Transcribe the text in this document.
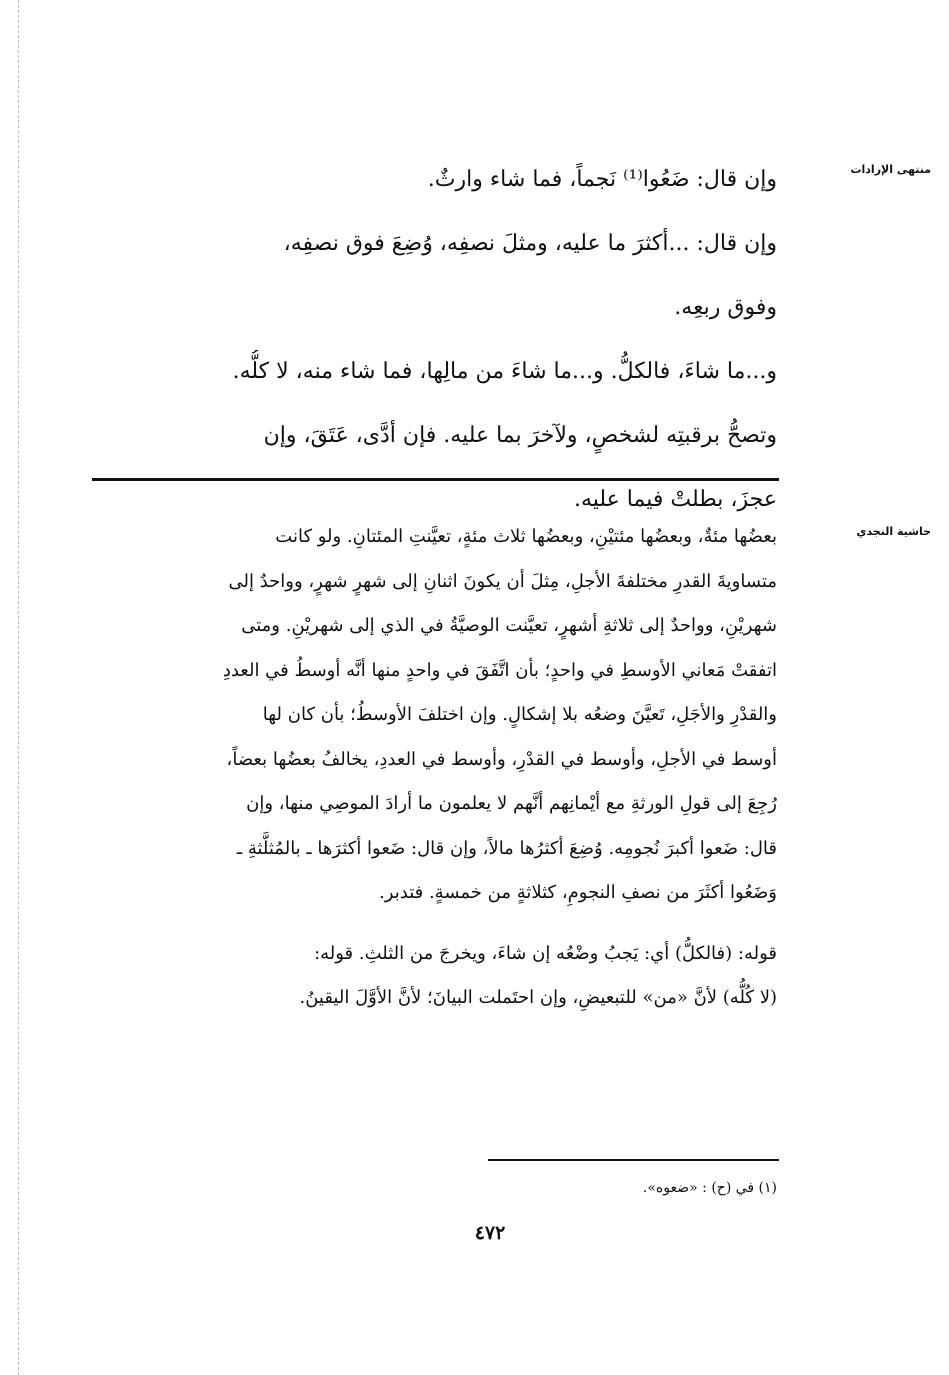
منتهى الإرادات
حاشية النجدي
وإن قال: ضَعُوا⁽¹⁾ نَجماً، فما شاء وارثٌ.
وإن قال: ...أكثرَ ما عليه، ومثلَ نصفِه، وُضِعَ فوق نصفِه،
وفوق ربعِه.
و...ما شاءَ، فالكلُّ. و...ما شاءَ من مالِها، فما شاء منه، لا كلُّه.
وتصحُّ برقبتِه لشخصٍ، ولآخرَ بما عليه. فإن أدَّى، عَتَقَ، وإن
عجزَ، بطلتْ فيما عليه.
بعضُها مئةٌ، وبعضُها مئتيْنِ، وبعضُها ثلاث مئةٍ، تعيَّنتِ المئتانِ. ولو كانت
متساويةَ القدرِ مختلفةَ الأجلِ، مِثلَ أن يكونَ اثنانِ إلى شهرٍ شهرٍ، وواحدٌ إلى
شهريْنِ، وواحدٌ إلى ثلاثةِ أشهرٍ، تعيَّنت الوصيَّةُ في الذي إلى شهريْنِ. ومتى
اتفقتْ مَعاني الأوسطِ في واحدٍ؛ بأن اتَّفَقَ في واحدٍ منها أنَّه أوسطُ في العددِ
والقدْرِ والأجَلِ، تَعيَّنَ وضعُه بلا إشكالٍ. وإن اختلفَ الأوسطُ؛ بأن كان لها
أوسط في الأجلِ، وأوسط في القدْرِ، وأوسط في العددِ، يخالفُ بعضُها بعضاً،
رُجِعَ إلى قولِ الورثةِ مع أيْمانِهم أنَّهم لا يعلمون ما أرادَ الموصِي منها، وإن
قال: ضَعوا أكبرَ نُجومِه. وُضِعَ أكثرُها مالاً، وإن قال: ضَعوا أكثرَها ـ بالمُثلَّثةِ ـ
وَضَعُوا أكثَرَ من نصفِ النجومِ، كثلاثةٍ من خمسةٍ. فتدبر.
قوله: (فالكلُّ) أي: يَجبُ وضْعُه إن شاءَ، ويخرجَ من الثلثِ. قوله:
(لا كُلُّه) لأنَّ «من» للتبعيضِ، وإن احتَملت البيانَ؛ لأنَّ الأوَّلَ اليقينُ.
(١) في (ح) : «ضعوه».
٤٧٢
